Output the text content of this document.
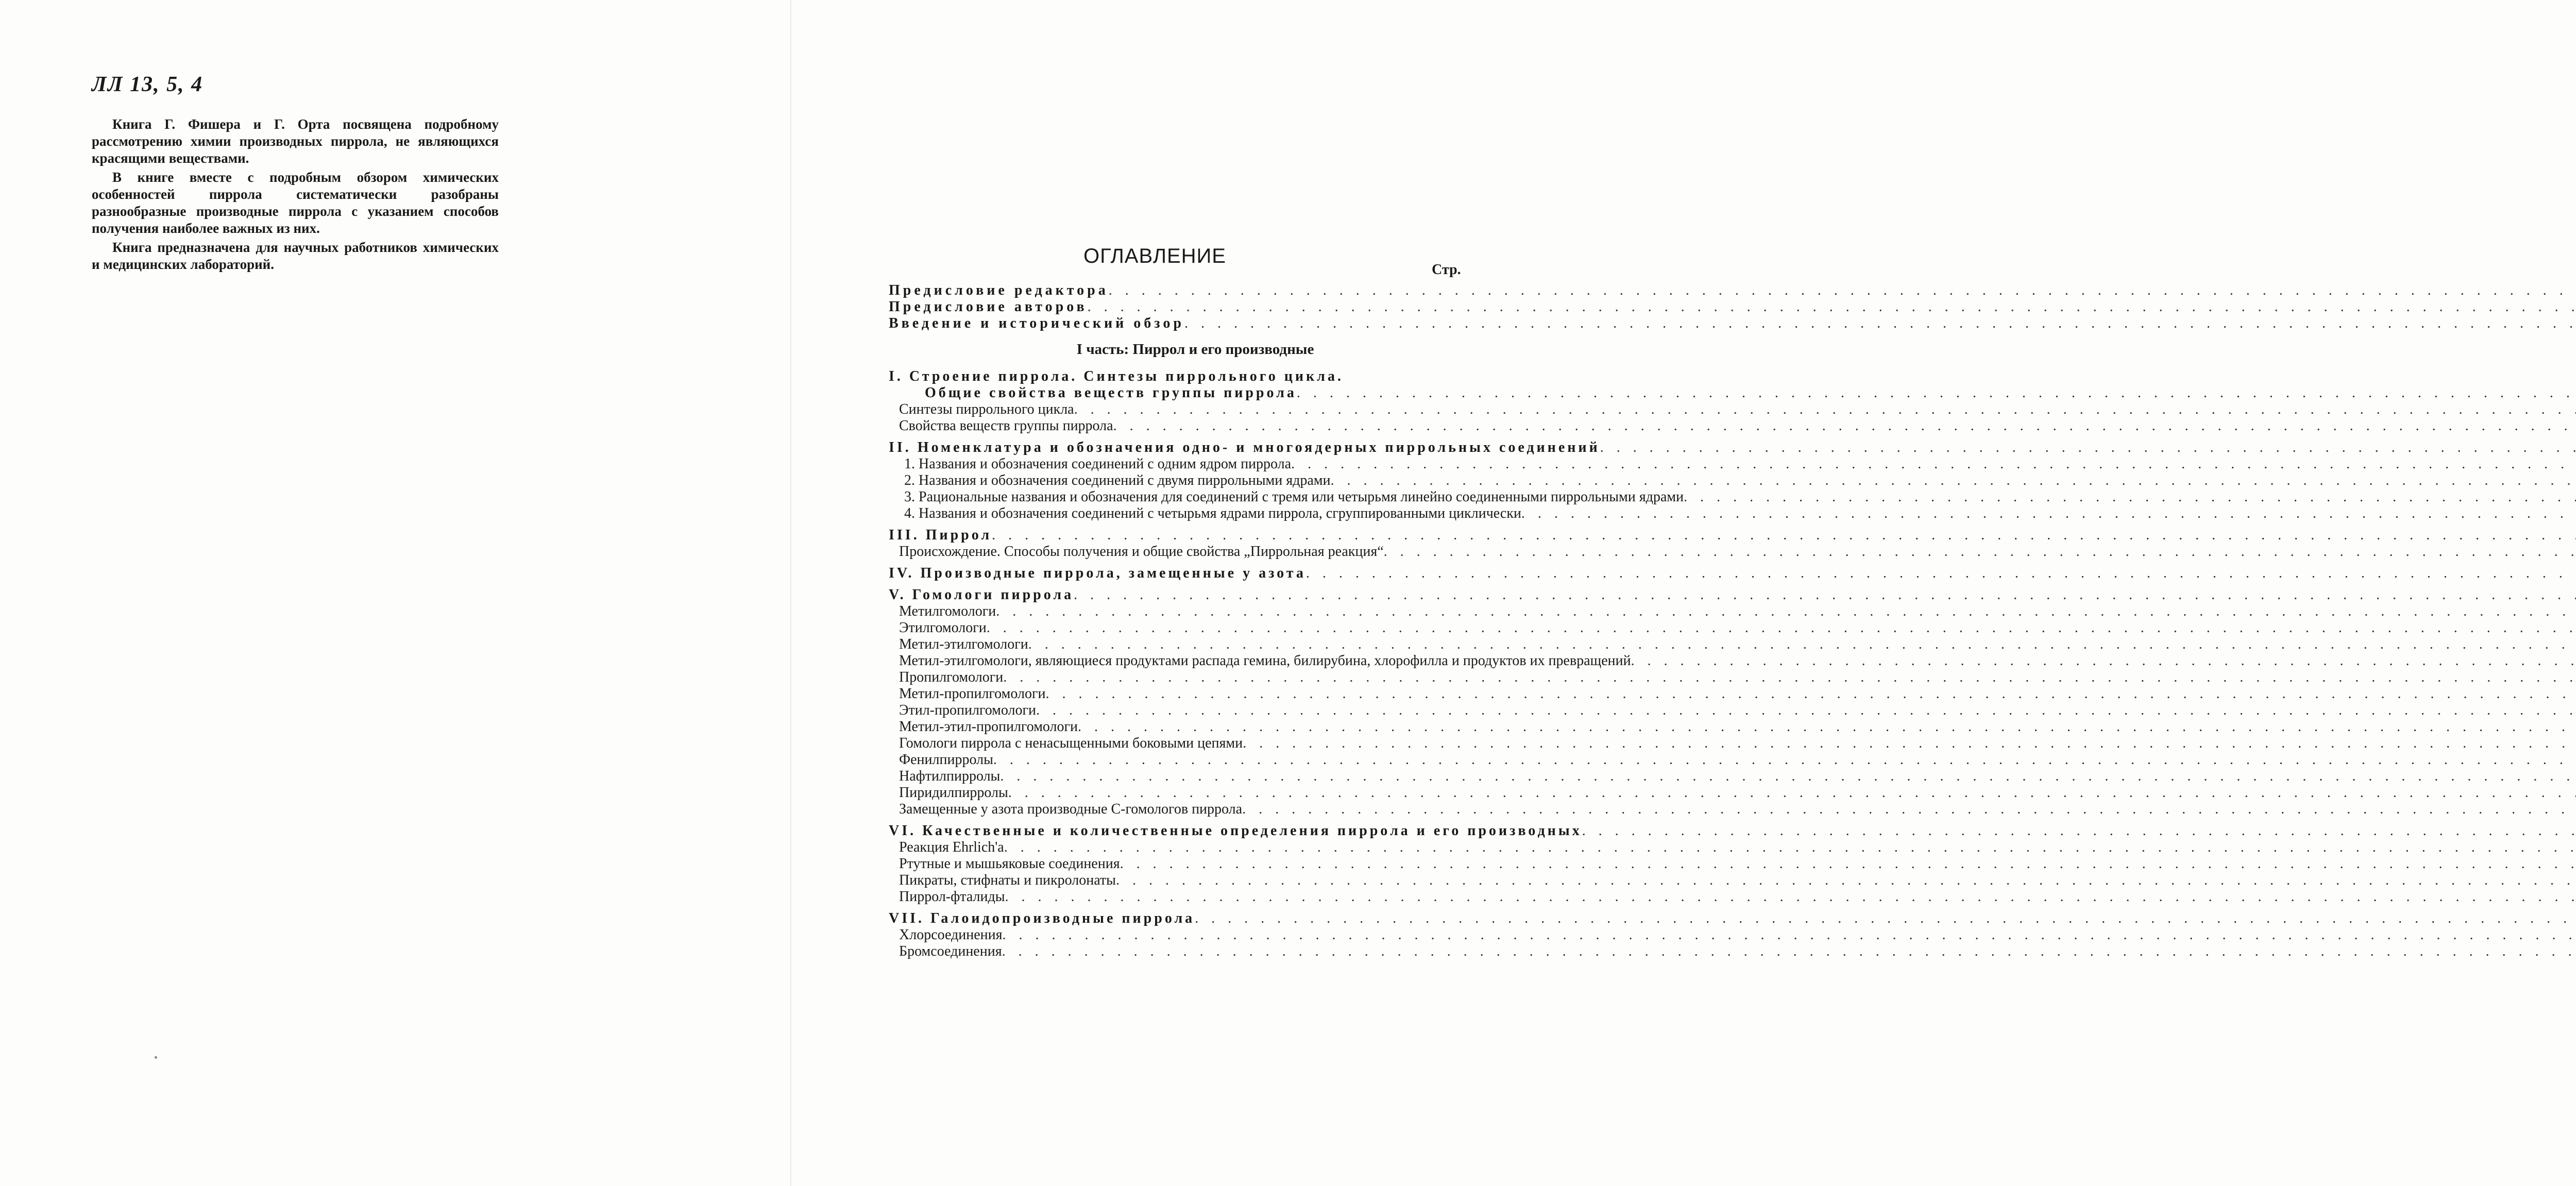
ЛЛ 13, 5, 4

Книга Г. Фишера и Г. Орта посвящена подробному рассмотрению химии производных пиррола, не являющихся красящими веществами.

В книге вместе с подробным обзором химических особенностей пиррола систематически разобраны разнообразные производные пиррола с указанием способов получения наиболее важных из них.

Книга предназначена для научных работников химических и медицинских лабораторий.	ОГЛАВЛЕНИЕ
Стр.
Предисловие редактора
. . .
Предисловие авторов
. . .
Введение и исторический обзор
. . .
I часть: Пиррол и его производные
I. Строение пиррола. Синтезы пиррольного цикла.
Общие свойства веществ группы пиррола
. . .
Синтезы пиррольного цикла
. . .
Свойства веществ группы пиррола
. . .
II. Номенклатура и обозначения одно- и многоядерных пиррольных соединений
. . .
1. Названия и обозначения соединений с одним ядром пиррола
. . .
2. Названия и обозначения соединений с двумя пиррольными ядрами
. . .
3. Рациональные названия и обозначения для соединений с тремя или четырьмя линейно соединенными пиррольными ядрами
. . .
4. Названия и обозначения соединений с четырьмя ядрами пиррола, сгруппированными циклически
. . .
III. Пиррол
. . .
Происхождение. Способы получения и общие свойства „Пиррольная реакция“
. . .
IV. Производные пиррола, замещенные у азота
. . .
V. Гомологи пиррола
. . .
Метилгомологи
. . .
Этилгомологи
. . .
Метил-этилгомологи
. . .
Метил-этилгомологи, являющиеся продуктами распада гемина, билирубина, хлорофилла и продуктов их превращений
. . .
Пропилгомологи
. . .
Метил-пропилгомологи
. . .
Этил-пропилгомологи
. . .
Метил-этил-пропилгомологи
. . .
Гомологи пиррола с ненасыщенными боковыми цепями
. . .
Фенилпирролы
. . .
Нафтилпирролы
. . .
Пиридилпирролы
. . .
Замещенные у азота производные С-гомологов пиррола
. . .
VI. Качественные и количественные определения пиррола и его производных
. . .
Реакция Ehrlich'а
. . .
Ртутные и мышьяковые соединения
. . .
Пикраты, стифнаты и пикролонаты
. . .
Пиррол-фталиды
. . .
VII. Галоидопроизводные пиррола
. . .
Хлорсоединения
. . .
Бромсоединения
. . .
